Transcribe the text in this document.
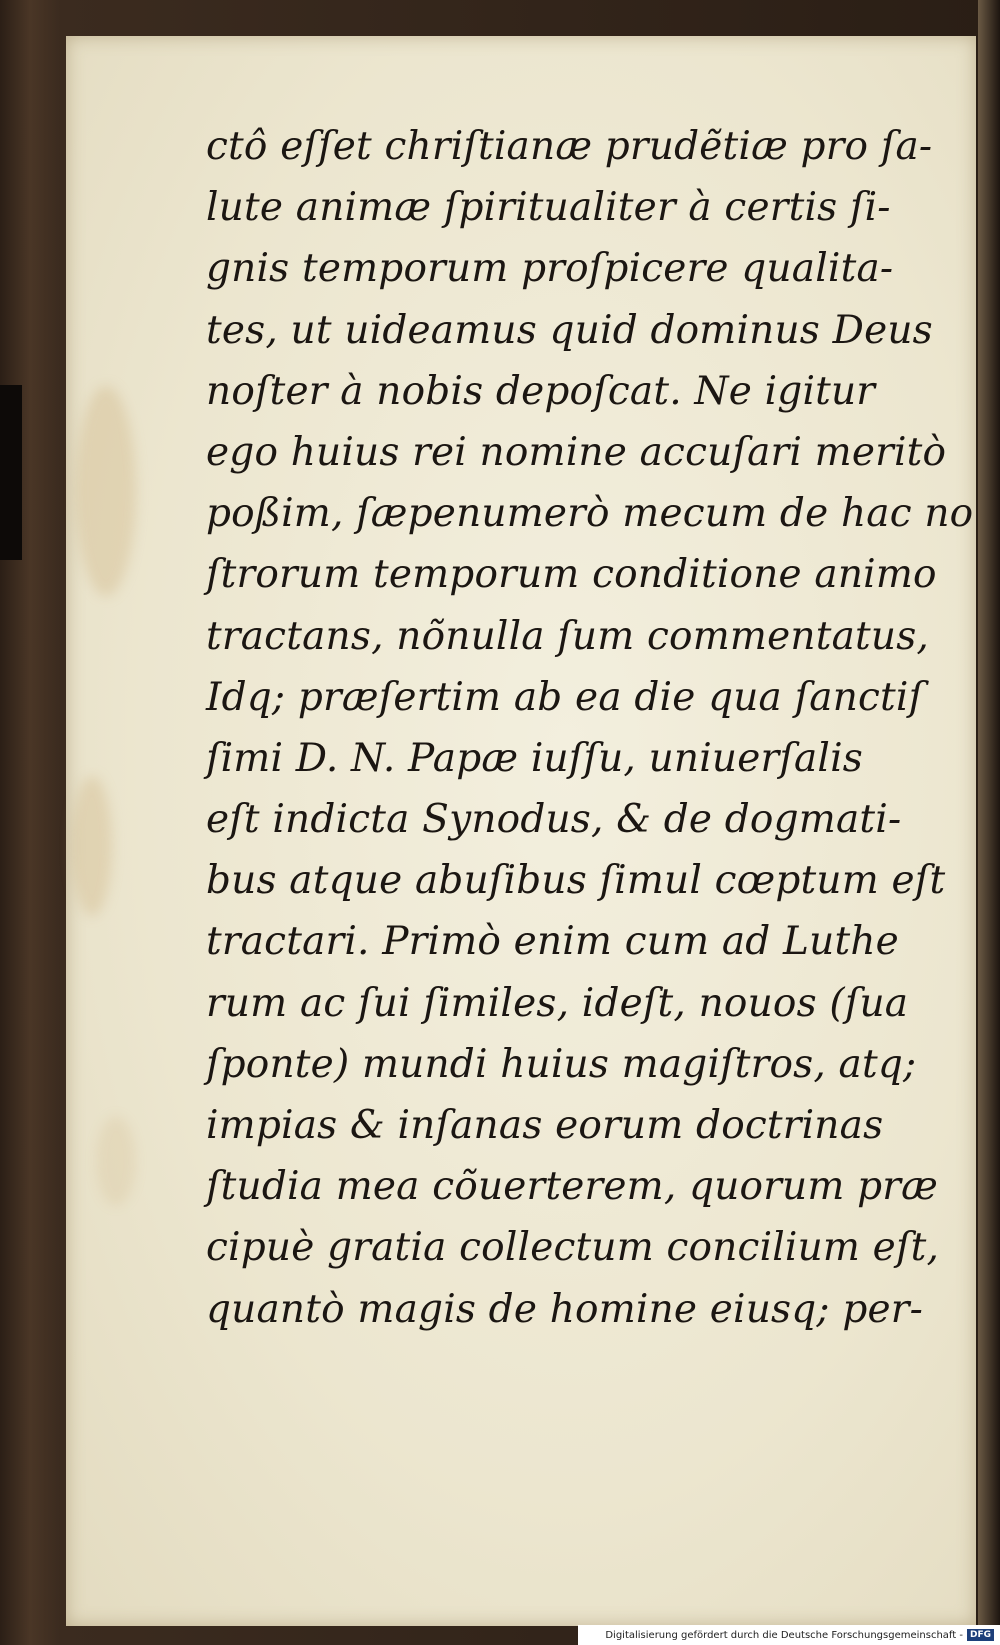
ctô eſſet chriſtianæ prudẽtiæ pro ſa-
lute animæ ſpiritualiter à certis ſi-
gnis temporum proſpicere qualita-
tes, ut uideamus quid dominus Deus
noſter à nobis depoſcat. Ne igitur
ego huius rei nomine accuſari meritò
poßim, ſæpenumerò mecum de hac no
ſtrorum temporum conditione animo
tractans, nõnulla ſum commentatus,
Idq; præſertim ab ea die qua ſanctiſ
ſimi D. N. Papæ iuſſu, uniuerſalis
eſt indicta Synodus, & de dogmati-
bus atque abuſibus ſimul cœptum eſt
tractari. Primò enim cum ad Luthe
rum ac ſui ſimiles, ideſt, nouos (ſua
ſponte) mundi huius magiſtros, atq;
impias & inſanas eorum doctrinas
ſtudia mea cõuerterem, quorum præ
cipuè gratia collectum concilium eſt,
quantò magis de homine eiusq; per-
Digitalisierung gefördert durch die Deutsche Forschungsgemeinschaft - DFG
